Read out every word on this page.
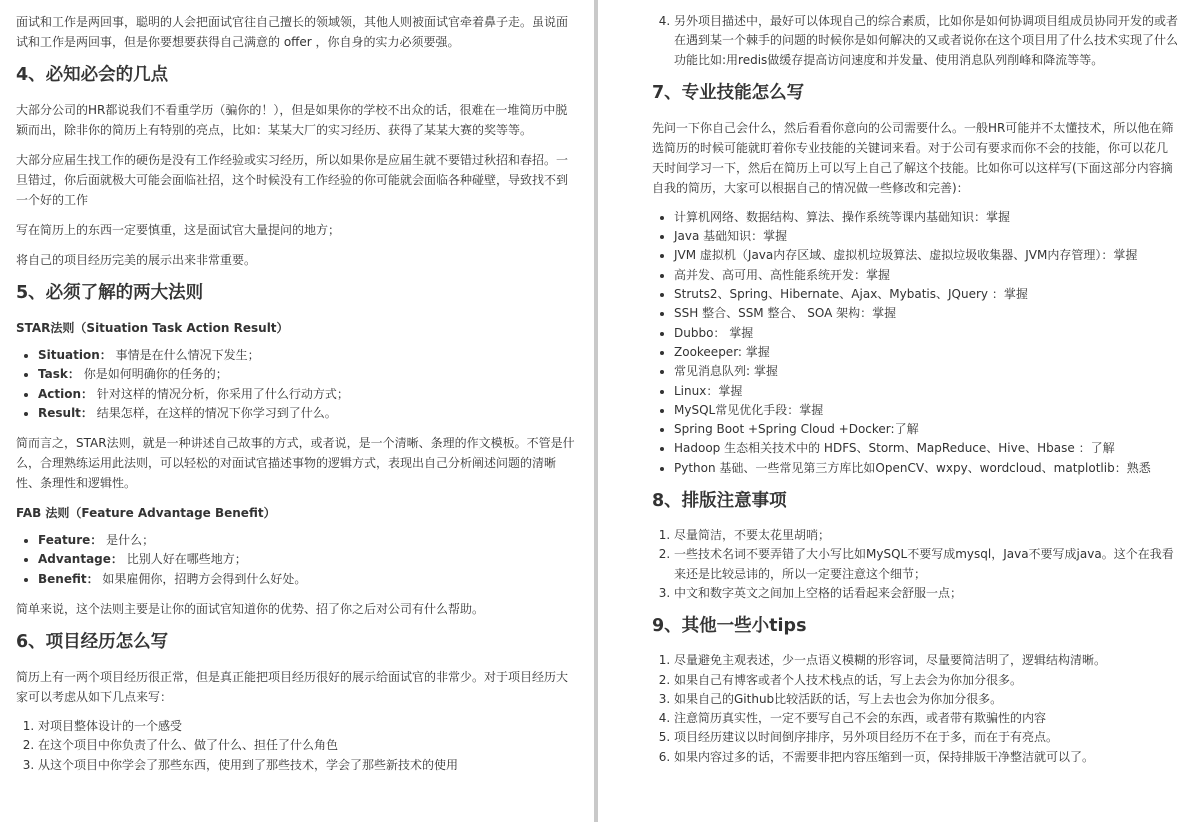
面试和工作是两回事，聪明的人会把面试官往自己擅长的领域领，其他人则被面试官牵着鼻子走。虽说面试和工作是两回事，但是你要想要获得自己满意的 offer ，你自身的实力必须要强。

4、必知必会的几点

大部分公司的HR都说我们不看重学历（骗你的！），但是如果你的学校不出众的话，很难在一堆简历中脱颖而出，除非你的简历上有特别的亮点，比如：某某大厂的实习经历、获得了某某大赛的奖等等。

大部分应届生找工作的硬伤是没有工作经验或实习经历，所以如果你是应届生就不要错过秋招和春招。一旦错过，你后面就极大可能会面临社招，这个时候没有工作经验的你可能就会面临各种碰壁，导致找不到一个好的工作

写在简历上的东西一定要慎重，这是面试官大量提问的地方；

将自己的项目经历完美的展示出来非常重要。

5、必须了解的两大法则

STAR法则（Situation Task Action Result）

• Situation： 事情是在什么情况下发生；
• Task： 你是如何明确你的任务的；
• Action： 针对这样的情况分析，你采用了什么行动方式；
• Result： 结果怎样，在这样的情况下你学习到了什么。

简而言之，STAR法则，就是一种讲述自己故事的方式，或者说，是一个清晰、条理的作文模板。不管是什么，合理熟练运用此法则，可以轻松的对面试官描述事物的逻辑方式，表现出自己分析阐述问题的清晰性、条理性和逻辑性。

FAB 法则（Feature Advantage Benefit）

• Feature： 是什么；
• Advantage： 比别人好在哪些地方；
• Benefit： 如果雇佣你，招聘方会得到什么好处。

简单来说，这个法则主要是让你的面试官知道你的优势、招了你之后对公司有什么帮助。

6、项目经历怎么写

简历上有一两个项目经历很正常，但是真正能把项目经历很好的展示给面试官的非常少。对于项目经历大家可以考虑从如下几点来写：

1. 对项目整体设计的一个感受
2. 在这个项目中你负责了什么、做了什么、担任了什么角色
3. 从这个项目中你学会了那些东西，使用到了那些技术，学会了那些新技术的使用
4. 另外项目描述中，最好可以体现自己的综合素质，比如你是如何协调项目组成员协同开发的或者在遇到某一个棘手的问题的时候你是如何解决的又或者说你在这个项目用了什么技术实现了什么功能比如:用redis做缓存提高访问速度和并发量、使用消息队列削峰和降流等等。
7、专业技能怎么写

先问一下你自己会什么，然后看看你意向的公司需要什么。一般HR可能并不太懂技术，所以他在筛选简历的时候可能就盯着你专业技能的关键词来看。对于公司有要求而你不会的技能，你可以花几天时间学习一下，然后在简历上可以写上自己了解这个技能。比如你可以这样写(下面这部分内容摘自我的简历，大家可以根据自己的情况做一些修改和完善)：

• 计算机网络、数据结构、算法、操作系统等课内基础知识：掌握
• Java 基础知识：掌握
• JVM 虚拟机（Java内存区域、虚拟机垃圾算法、虚拟垃圾收集器、JVM内存管理）：掌握
• 高并发、高可用、高性能系统开发：掌握
• Struts2、Spring、Hibernate、Ajax、Mybatis、JQuery ：掌握
• SSH 整合、SSM 整合、 SOA 架构：掌握
• Dubbo： 掌握
• Zookeeper: 掌握
• 常见消息队列: 掌握
• Linux：掌握
• MySQL常见优化手段：掌握
• Spring Boot +Spring Cloud +Docker:了解
• Hadoop 生态相关技术中的 HDFS、Storm、MapReduce、Hive、Hbase ：了解
• Python 基础、一些常见第三方库比如OpenCV、wxpy、wordcloud、matplotlib：熟悉
8、排版注意事项
1. 尽量简洁，不要太花里胡哨；
2. 一些技术名词不要弄错了大小写比如MySQL不要写成mysql，Java不要写成java。这个在我看来还是比较忌讳的，所以一定要注意这个细节；
3. 中文和数字英文之间加上空格的话看起来会舒服一点；
9、其他一些小tips
1. 尽量避免主观表述，少一点语义模糊的形容词，尽量要简洁明了，逻辑结构清晰。
2. 如果自己有博客或者个人技术栈点的话，写上去会为你加分很多。
3. 如果自己的Github比较活跃的话，写上去也会为你加分很多。
4. 注意简历真实性，一定不要写自己不会的东西，或者带有欺骗性的内容
5. 项目经历建议以时间倒序排序，另外项目经历不在于多，而在于有亮点。
6. 如果内容过多的话，不需要非把内容压缩到一页，保持排版干净整洁就可以了。
